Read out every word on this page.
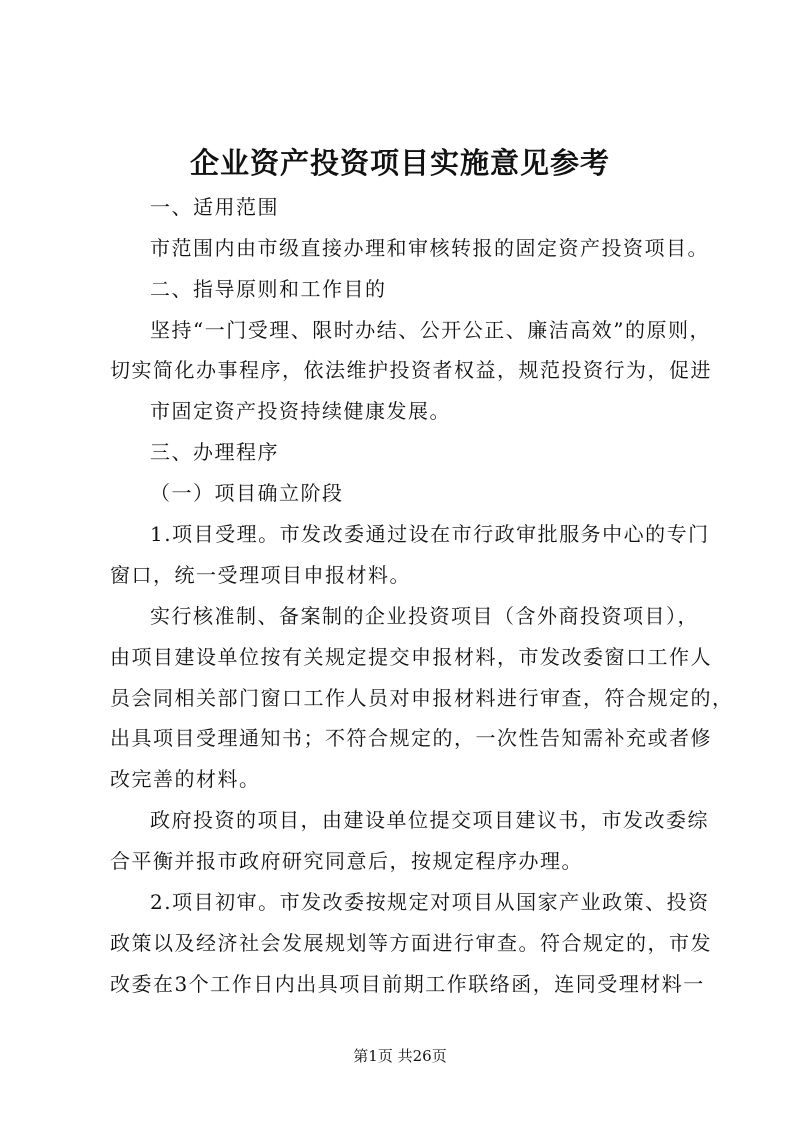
企业资产投资项目实施意见参考
一、适用范围
市范围内由市级直接办理和审核转报的固定资产投资项目。
二、指导原则和工作目的
坚持“一门受理、限时办结、公开公正、廉洁高效”的原则，
切实简化办事程序，依法维护投资者权益，规范投资行为，促进
市固定资产投资持续健康发展。
三、办理程序
（一）项目确立阶段
1.项目受理。市发改委通过设在市行政审批服务中心的专门
窗口，统一受理项目申报材料。
实行核准制、备案制的企业投资项目（含外商投资项目），
由项目建设单位按有关规定提交申报材料，市发改委窗口工作人
员会同相关部门窗口工作人员对申报材料进行审查，符合规定的，
出具项目受理通知书；不符合规定的，一次性告知需补充或者修
改完善的材料。
政府投资的项目，由建设单位提交项目建议书，市发改委综
合平衡并报市政府研究同意后，按规定程序办理。
2.项目初审。市发改委按规定对项目从国家产业政策、投资
政策以及经济社会发展规划等方面进行审查。符合规定的，市发
改委在3个工作日内出具项目前期工作联络函，连同受理材料一
第1页 共26页
